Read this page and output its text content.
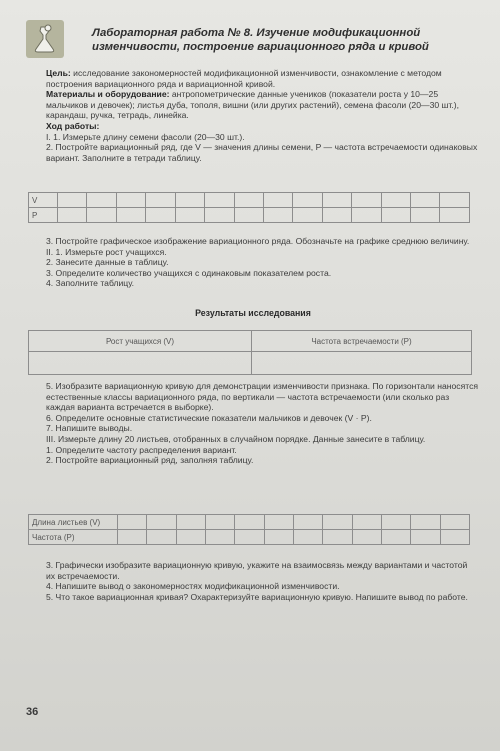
Лабораторная работа № 8. Изучение модификационной изменчивости, построение вариационного ряда и кривой
Цель: исследование закономерностей модификационной изменчивости, ознакомление с методом построения вариационного ряда и вариационной кривой.
Материалы и оборудование: антропометрические данные учеников (показатели роста у 10—25 мальчиков и девочек); листья дуба, тополя, вишни (или других растений), семена фасоли (20—30 шт.), карандаш, ручка, тетрадь, линейка.
Ход работы:
I. 1. Измерьте длину семени фасоли (20—30 шт.).
2. Постройте вариационный ряд, где V — значения длины семени, P — частота встречаемости одинаковых вариант. Заполните в тетради таблицу.
V														
P														
3. Постройте графическое изображение вариационного ряда. Обозначьте на графике среднюю величину.
II. 1. Измерьте рост учащихся.
2. Занесите данные в таблицу.
3. Определите количество учащихся с одинаковым показателем роста.
4. Заполните таблицу.
Результаты исследования
Рост учащихся (V)	Частота встречаемости (P)

5. Изобразите вариационную кривую для демонстрации изменчивости признака. По горизонтали наносятся естественные классы вариационного ряда, по вертикали — частота встречаемости (или сколько раз каждая варианта встречается в выборке).
6. Определите основные статистические показатели мальчиков и девочек (V · P).
7. Напишите выводы.
III. Измерьте длину 20 листьев, отобранных в случайном порядке. Данные занесите в таблицу.
1. Определите частоту распределения вариант.
2. Постройте вариационный ряд, заполняя таблицу.
Длина листьев (V)												
Частота (P)												
3. Графически изобразите вариационную кривую, укажите на взаимосвязь между вариантами и частотой их встречаемости.
4. Напишите вывод о закономерностях модификационной изменчивости.
5. Что такое вариационная кривая? Охарактеризуйте вариационную кривую. Напишите вывод по работе.
36
